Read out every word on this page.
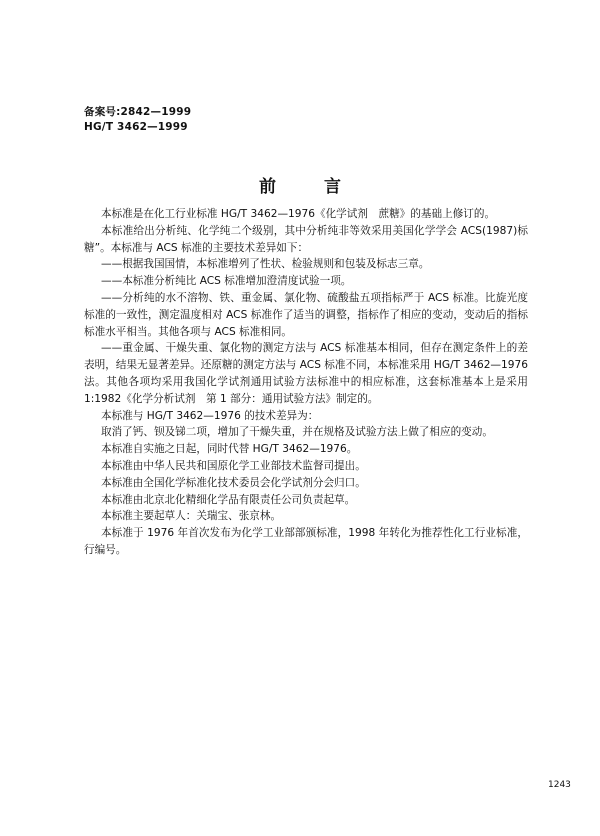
备案号:2842—1999
HG/T 3462—1999
前	言
本标准是在化工行业标准 HG/T 3462—1976《化学试剂　蔗糖》的基础上修订的。
本标准给出分析纯、化学纯二个级别，其中分析纯非等效采用美国化学学会 ACS(1987)标
糖”。本标准与 ACS 标准的主要技术差异如下：
——根据我国国情，本标准增列了性状、检验规则和包装及标志三章。
——本标准分析纯比 ACS 标准增加澄清度试验一项。
——分析纯的水不溶物、铁、重金属、氯化物、硫酸盐五项指标严于 ACS 标准。比旋光度
标准的一致性，测定温度相对 ACS 标准作了适当的调整，指标作了相应的变动，变动后的指标
标准水平相当。其他各项与 ACS 标准相同。
——重金属、干燥失重、氯化物的测定方法与 ACS 标准基本相同，但存在测定条件上的差
表明，结果无显著差异。还原糖的测定方法与 ACS 标准不同，本标准采用 HG/T 3462—1976
法。其他各项均采用我国化学试剂通用试验方法标准中的相应标准，这套标准基本上是采用
1:1982《化学分析试剂　第 1 部分：通用试验方法》制定的。
本标准与 HG/T 3462—1976 的技术差异为：
取消了钙、钡及锑二项，增加了干燥失重，并在规格及试验方法上做了相应的变动。
本标准自实施之日起，同时代替 HG/T 3462—1976。
本标准由中华人民共和国原化学工业部技术监督司提出。
本标准由全国化学标准化技术委员会化学试剂分会归口。
本标准由北京北化精细化学品有限责任公司负责起草。
本标准主要起草人：关瑞宝、张京林。
本标准于 1976 年首次发布为化学工业部部颁标准，1998 年转化为推荐性化工行业标准，
行编号。
1243
